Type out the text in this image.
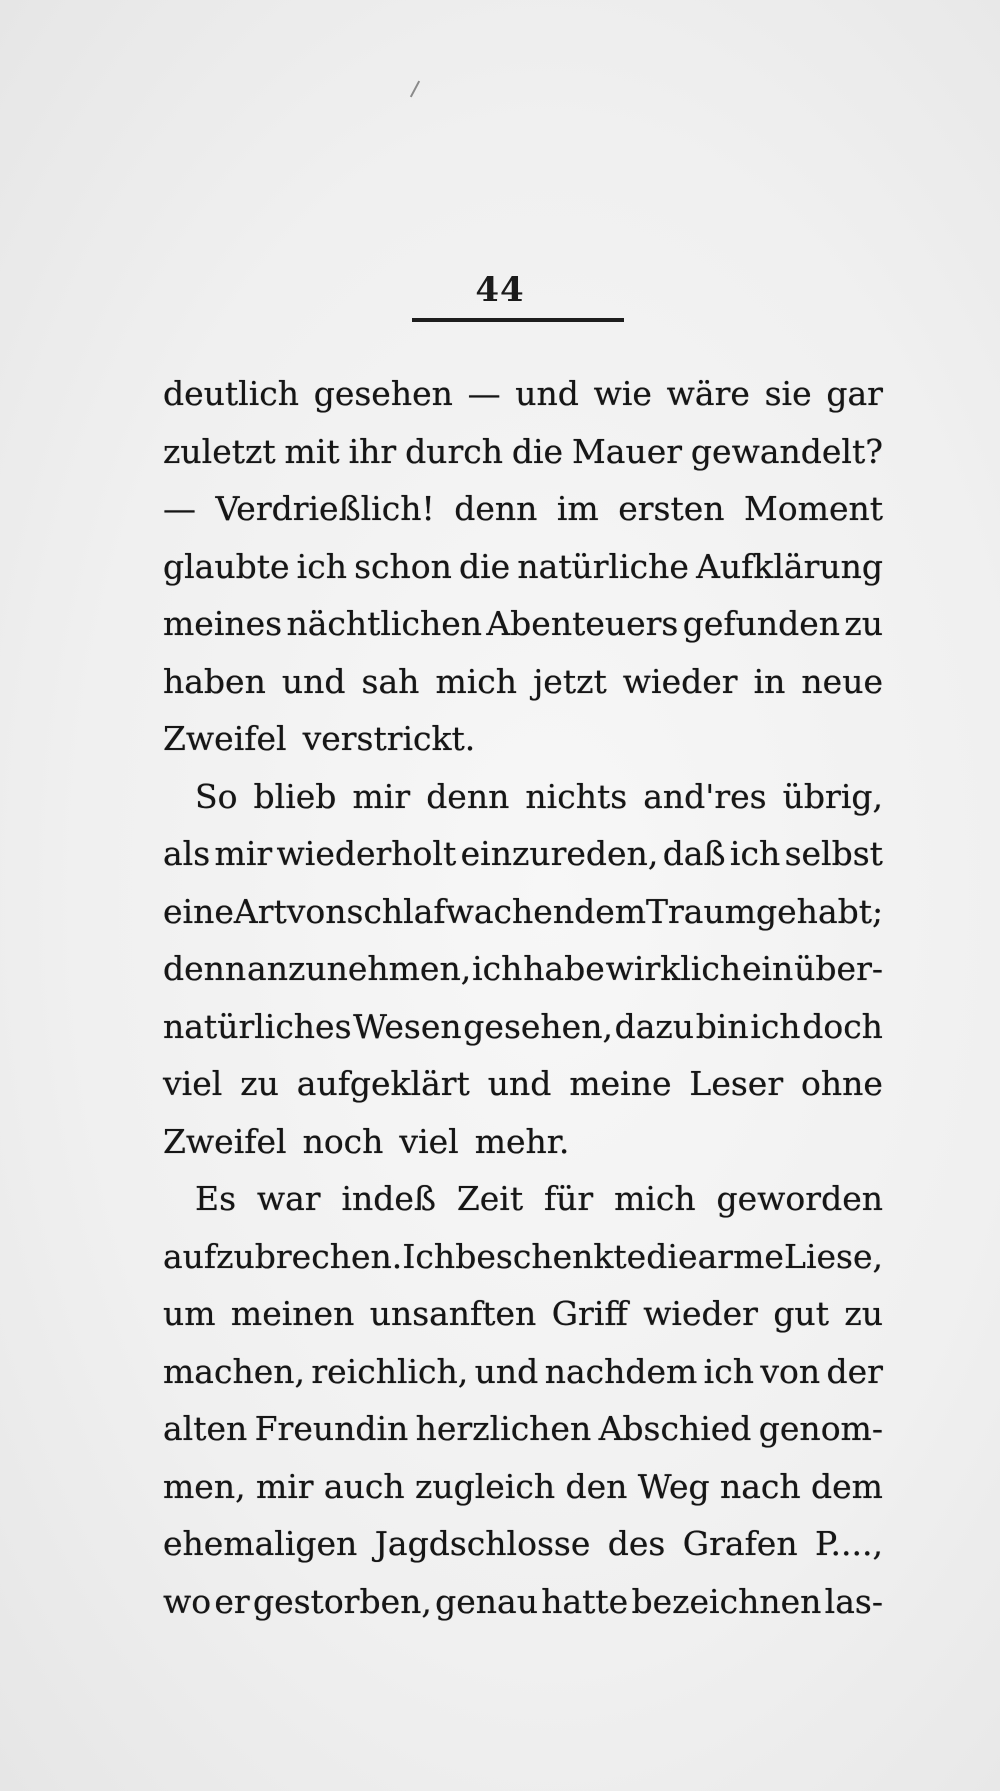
44
deutlich gesehen — und wie wäre sie gar
zuletzt mit ihr durch die Mauer gewandelt?
— Verdrießlich! denn im ersten Moment
glaubte ich schon die natürliche Aufklärung
meines nächtlichen Abenteuers gefunden zu
haben und sah mich jetzt wieder in neue
Zweifel verstrickt.
So blieb mir denn nichts and'res übrig,
als mir wiederholt einzureden, daß ich selbst
eine Art von schlafwachendem Traum gehabt;
denn anzunehmen, ich habe wirklich ein über-
natürliches Wesen gesehen, dazu bin ich doch
viel zu aufgeklärt und meine Leser ohne
Zweifel noch viel mehr.
Es war indeß Zeit für mich geworden
aufzubrechen. Ich beschenkte die arme Liese,
um meinen unsanften Griff wieder gut zu
machen, reichlich, und nachdem ich von der
alten Freundin herzlichen Abschied genom-
men, mir auch zugleich den Weg nach dem
ehemaligen Jagdschlosse des Grafen P....,
wo er gestorben, genau hatte bezeichnen las-
